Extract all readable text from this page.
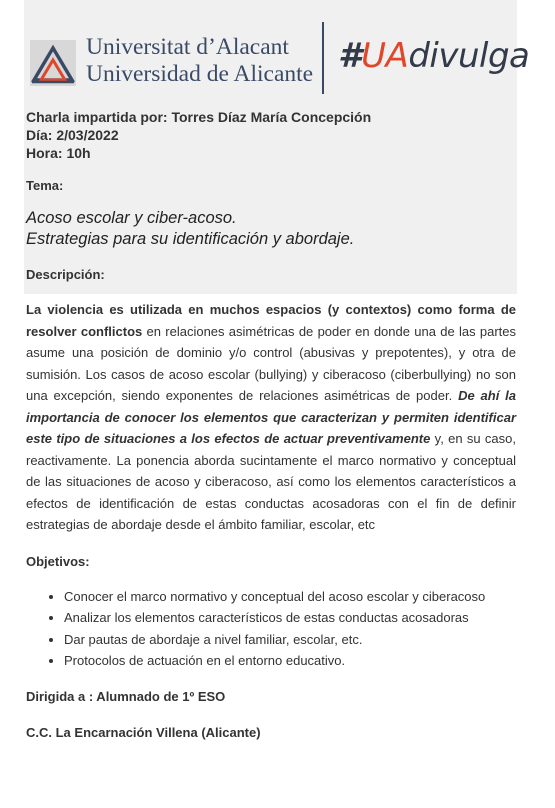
Universitat d’Alacant
Universidad de Alicante #UAdivulga
Charla impartida por: Torres Díaz María Concepción
Día: 2/03/2022
Hora: 10h
Tema:
Acoso escolar y ciber-acoso.
Estrategias para su identificación y abordaje.
Descripción:
La violencia es utilizada en muchos espacios (y contextos) como forma de resolver conflictos en relaciones asimétricas de poder en donde una de las partes asume una posición de dominio y/o control (abusivas y prepotentes), y otra de sumisión. Los casos de acoso escolar (bullying) y ciberacoso (ciberbullying) no son una excepción, siendo exponentes de relaciones asimétricas de poder. De ahí la importancia de conocer los elementos que caracterizan y permiten identificar este tipo de situaciones a los efectos de actuar preventivamente y, en su caso, reactivamente. La ponencia aborda sucintamente el marco normativo y conceptual de las situaciones de acoso y ciberacoso, así como los elementos característicos a efectos de identificación de estas conductas acosadoras con el fin de definir estrategias de abordaje desde el ámbito familiar, escolar, etc
Objetivos:
• Conocer el marco normativo y conceptual del acoso escolar y ciberacoso
• Analizar los elementos característicos de estas conductas acosadoras
• Dar pautas de abordaje a nivel familiar, escolar, etc.
• Protocolos de actuación en el entorno educativo.
Dirigida a : Alumnado de 1º ESO
C.C. La Encarnación Villena (Alicante)
